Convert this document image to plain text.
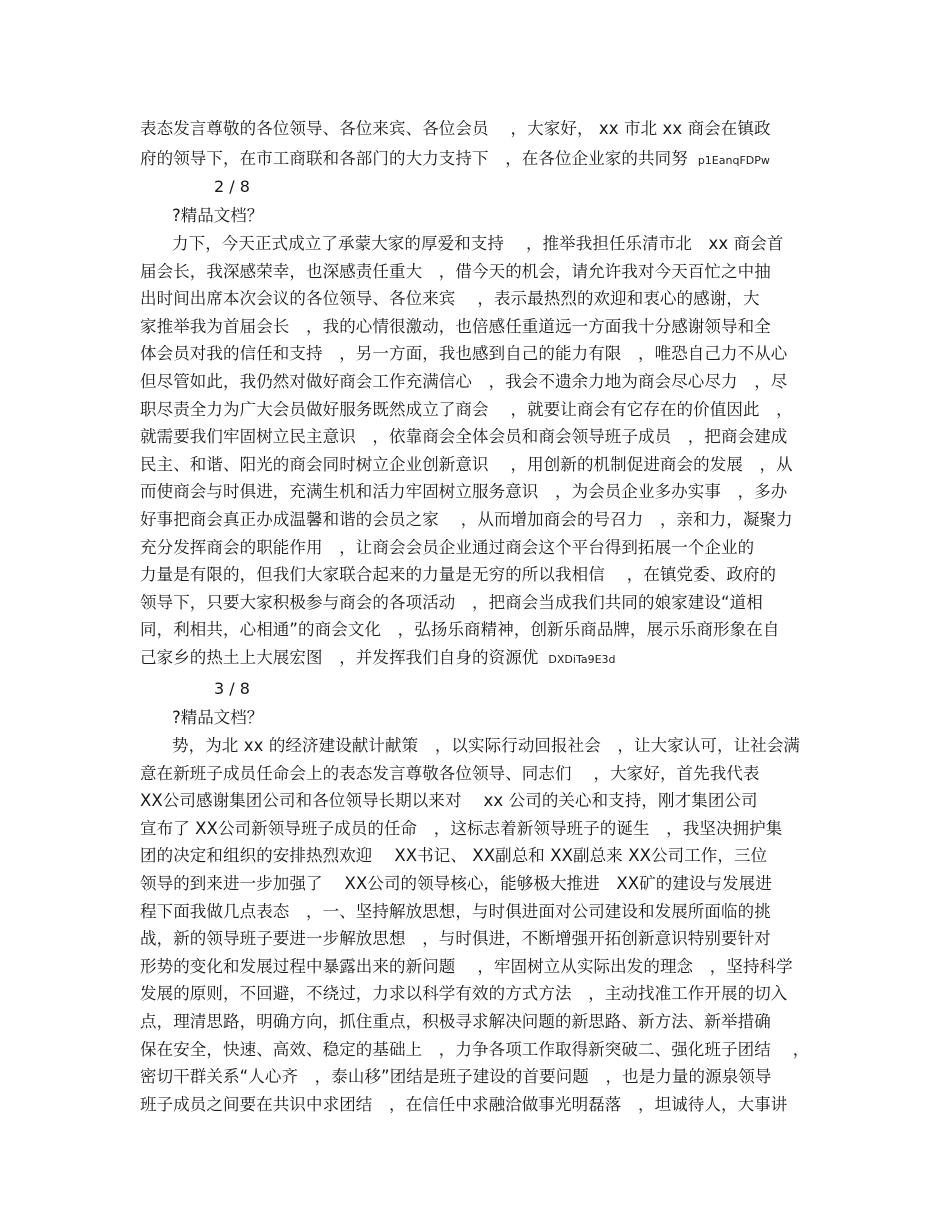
表态发言尊敬的各位领导、各位来宾、各位会员　 ，大家好， xx 市北 xx 商会在镇政
府的领导下，在市工商联和各部门的大力支持下　，在各位企业家的共同努 p1EanqFDPw
2 / 8
?精品文档？
力下，今天正式成立了承蒙大家的厚爱和支持　 ，推举我担任乐清市北　xx 商会首
届会长，我深感荣幸，也深感责任重大　，借今天的机会，请允许我对今天百忙之中抽
出时间出席本次会议的各位领导、各位来宾　 ，表示最热烈的欢迎和衷心的感谢，大
家推举我为首届会长　，我的心情很激动，也倍感任重道远一方面我十分感谢领导和全
体会员对我的信任和支持　，另一方面，我也感到自己的能力有限　，唯恐自己力不从心
但尽管如此，我仍然对做好商会工作充满信心　，我会不遗余力地为商会尽心尽力　，尽
职尽责全力为广大会员做好服务既然成立了商会　 ，就要让商会有它存在的价值因此　，
就需要我们牢固树立民主意识　，依靠商会全体会员和商会领导班子成员　，把商会建成
民主、和谐、阳光的商会同时树立企业创新意识　 ，用创新的机制促进商会的发展　，从
而使商会与时俱进，充满生机和活力牢固树立服务意识　，为会员企业多办实事　，多办
好事把商会真正办成温馨和谐的会员之家　 ，从而增加商会的号召力　，亲和力，凝聚力
充分发挥商会的职能作用　，让商会会员企业通过商会这个平台得到拓展一个企业的
力量是有限的，但我们大家联合起来的力量是无穷的所以我相信　 ，在镇党委、政府的
领导下，只要大家积极参与商会的各项活动　，把商会当成我们共同的娘家建设“道相
同，利相共，心相通”的商会文化　，弘扬乐商精神，创新乐商品牌，展示乐商形象在自
己家乡的热土上大展宏图　，并发挥我们自身的资源优 DXDiTa9E3d
3 / 8
?精品文档？
势，为北 xx 的经济建设献计献策　，以实际行动回报社会　，让大家认可，让社会满
意在新班子成员任命会上的表态发言尊敬各位领导、同志们　 ，大家好，首先我代表
XX公司感谢集团公司和各位领导长期以来对　 xx 公司的关心和支持，刚才集团公司
宣布了 XX公司新领导班子成员的任命　，这标志着新领导班子的诞生　，我坚决拥护集
团的决定和组织的安排热烈欢迎　 XX书记、 XX副总和 XX副总来 XX公司工作，三位
领导的到来进一步加强了　 XX公司的领导核心，能够极大推进　XX矿的建设与发展进
程下面我做几点表态　，一、坚持解放思想，与时俱进面对公司建设和发展所面临的挑
战，新的领导班子要进一步解放思想　，与时俱进，不断增强开拓创新意识特别要针对
形势的变化和发展过程中暴露出来的新问题　 ，牢固树立从实际出发的理念　，坚持科学
发展的原则，不回避，不绕过，力求以科学有效的方式方法　，主动找准工作开展的切入
点，理清思路，明确方向，抓住重点，积极寻求解决问题的新思路、新方法、新举措确
保在安全，快速、高效、稳定的基础上　，力争各项工作取得新突破二、强化班子团结　 ，
密切干群关系“人心齐　，泰山移”团结是班子建设的首要问题　，也是力量的源泉领导
班子成员之间要在共识中求团结　，在信任中求融洽做事光明磊落　，坦诚待人，大事讲
